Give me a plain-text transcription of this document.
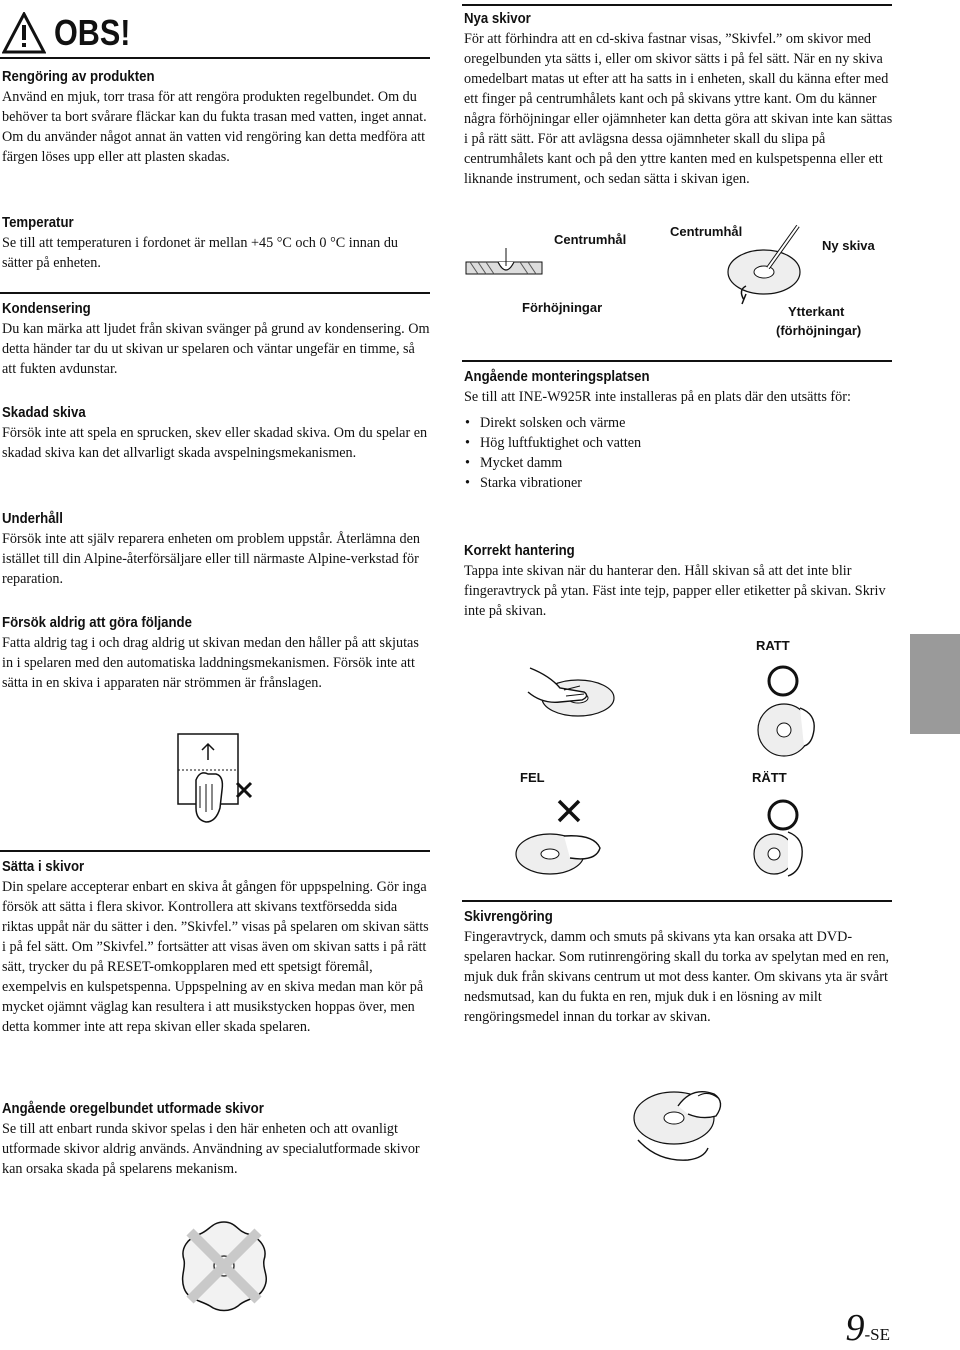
OBS!
Rengöring av produkten

Använd en mjuk, torr trasa för att rengöra produkten regelbundet. Om du behöver ta bort svårare fläckar kan du fukta trasan med vatten, inget annat. Om du använder något annat än vatten vid rengöring kan detta medföra att färgen löses upp eller att plasten skadas.

Temperatur

Se till att temperaturen i fordonet är mellan +45 °C och 0 °C innan du sätter på enheten.

Kondensering

Du kan märka att ljudet från skivan svänger på grund av kondensering. Om detta händer tar du ut skivan ur spelaren och väntar ungefär en timme, så att fukten avdunstar.

Skadad skiva

Försök inte att spela en sprucken, skev eller skadad skiva. Om du spelar en skadad skiva kan det allvarligt skada avspelningsmekanismen.

Underhåll

Försök inte att själv reparera enheten om problem uppstår. Återlämna den istället till din Alpine-återförsäljare eller till närmaste Alpine-verkstad för reparation.

Försök aldrig att göra följande

Fatta aldrig tag i och drag aldrig ut skivan medan den håller på att skjutas in i spelaren med den automatiska laddningsmekanismen. Försök inte att sätta in en skiva i apparaten när strömmen är frånslagen.

Sätta i skivor

Din spelare accepterar enbart en skiva åt gången för uppspelning. Gör inga försök att sätta i flera skivor. Kontrollera att skivans textförsedda sida riktas uppåt när du sätter i den. ”Skivfel.” visas på spelaren om skivan sätts i på fel sätt. Om ”Skivfel.” fortsätter att visas även om skivan satts i på rätt sätt, trycker du på RESET-omkopplaren med ett spetsigt föremål, exempelvis en kulspetspenna. Uppspelning av en skiva medan man kör på mycket ojämnt väglag kan resultera i att musikstycken hoppas över, men detta kommer inte att repa skivan eller skada spelaren.

Angående oregelbundet utformade skivor

Se till att enbart runda skivor spelas i den här enheten och att ovanligt utformade skivor aldrig används. Användning av specialutformade skivor kan orsaka skada på spelarens mekanism.

Nya skivor

För att förhindra att en cd-skiva fastnar visas, ”Skivfel.” om skivor med oregelbunden yta sätts i, eller om skivor sätts i på fel sätt. När en ny skiva omedelbart matas ut efter att ha satts in i enheten, skall du känna efter med ett finger på centrumhålets kant och på skivans yttre kant. Om du känner några förhöjningar eller ojämnheter kan detta göra att skivan inte kan sättas i på rätt sätt. För att avlägsna dessa ojämnheter skall du slipa på centrumhålets kant och på den yttre kanten med en kulspetspenna eller ett liknande instrument, och sedan sätta i skivan igen.

Centrumhål
Centrumhål
Ny skiva
Förhöjningar	Ytterkant
(förhöjningar)
Angående monteringsplatsen

Se till att INE-W925R inte installeras på en plats där den utsätts för:

• Direkt solsken och värme
• Hög luftfuktighet och vatten
• Mycket damm
• Starka vibrationer
Korrekt hantering

Tappa inte skivan när du hanterar den. Håll skivan så att det inte blir fingeravtryck på ytan. Fäst inte tejp, papper eller etiketter på skivan. Skriv inte på skivan.

RATT
FEL	RÄTT
Skivrengöring

Fingeravtryck, damm och smuts på skivans yta kan orsaka att DVD-spelaren hackar. Som rutinrengöring skall du torka av spelytan med en ren, mjuk duk från skivans centrum ut mot dess kanter. Om skivans yta är svårt nedsmutsad, kan du fukta en ren, mjuk duk i en lösning av milt rengöringsmedel innan du torkar av skivan.

9-SE
